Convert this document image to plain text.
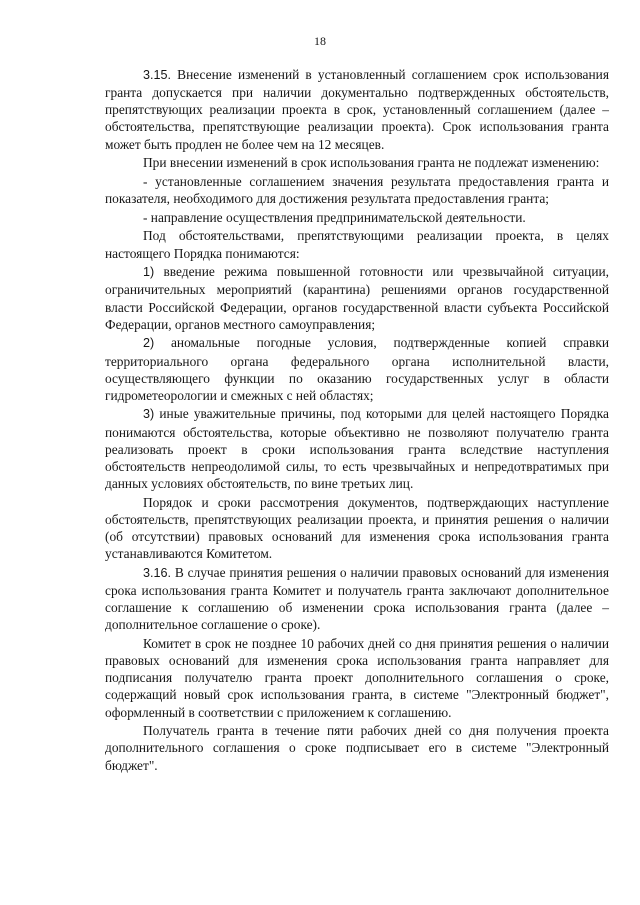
18

3.15. Внесение изменений в установленный соглашением срок использования гранта допускается при наличии документально подтвержденных обстоятельств, препятствующих реализации проекта в срок, установленный соглашением (далее – обстоятельства, препятствующие реализации проекта). Срок использования гранта может быть продлен не более чем на 12 месяцев.

При внесении изменений в срок использования гранта не подлежат изменению:

- установленные соглашением значения результата предоставления гранта и показателя, необходимого для достижения результата предоставления гранта;

- направление осуществления предпринимательской деятельности.

Под обстоятельствами, препятствующими реализации проекта, в целях настоящего Порядка понимаются:

1) введение режима повышенной готовности или чрезвычайной ситуации, ограничительных мероприятий (карантина) решениями органов государственной власти Российской Федерации, органов государственной власти субъекта Российской Федерации, органов местного самоуправления;

2) аномальные погодные условия, подтвержденные копией справки территориального органа федерального органа исполнительной власти, осуществляющего функции по оказанию государственных услуг в области гидрометеорологии и смежных с ней областях;

3) иные уважительные причины, под которыми для целей настоящего Порядка понимаются обстоятельства, которые объективно не позволяют получателю гранта реализовать проект в сроки использования гранта вследствие наступления обстоятельств непреодолимой силы, то есть чрезвычайных и непредотвратимых при данных условиях обстоятельств, по вине третьих лиц.

Порядок и сроки рассмотрения документов, подтверждающих наступление обстоятельств, препятствующих реализации проекта, и принятия решения о наличии (об отсутствии) правовых оснований для изменения срока использования гранта устанавливаются Комитетом.

3.16. В случае принятия решения о наличии правовых оснований для изменения срока использования гранта Комитет и получатель гранта заключают дополнительное соглашение к соглашению об изменении срока использования гранта (далее – дополнительное соглашение о сроке).

Комитет в срок не позднее 10 рабочих дней со дня принятия решения о наличии правовых оснований для изменения срока использования гранта направляет для подписания получателю гранта проект дополнительного соглашения о сроке, содержащий новый срок использования гранта, в системе "Электронный бюджет", оформленный в соответствии с приложением к соглашению.

Получатель гранта в течение пяти рабочих дней со дня получения проекта дополнительного соглашения о сроке подписывает его в системе "Электронный бюджет".
